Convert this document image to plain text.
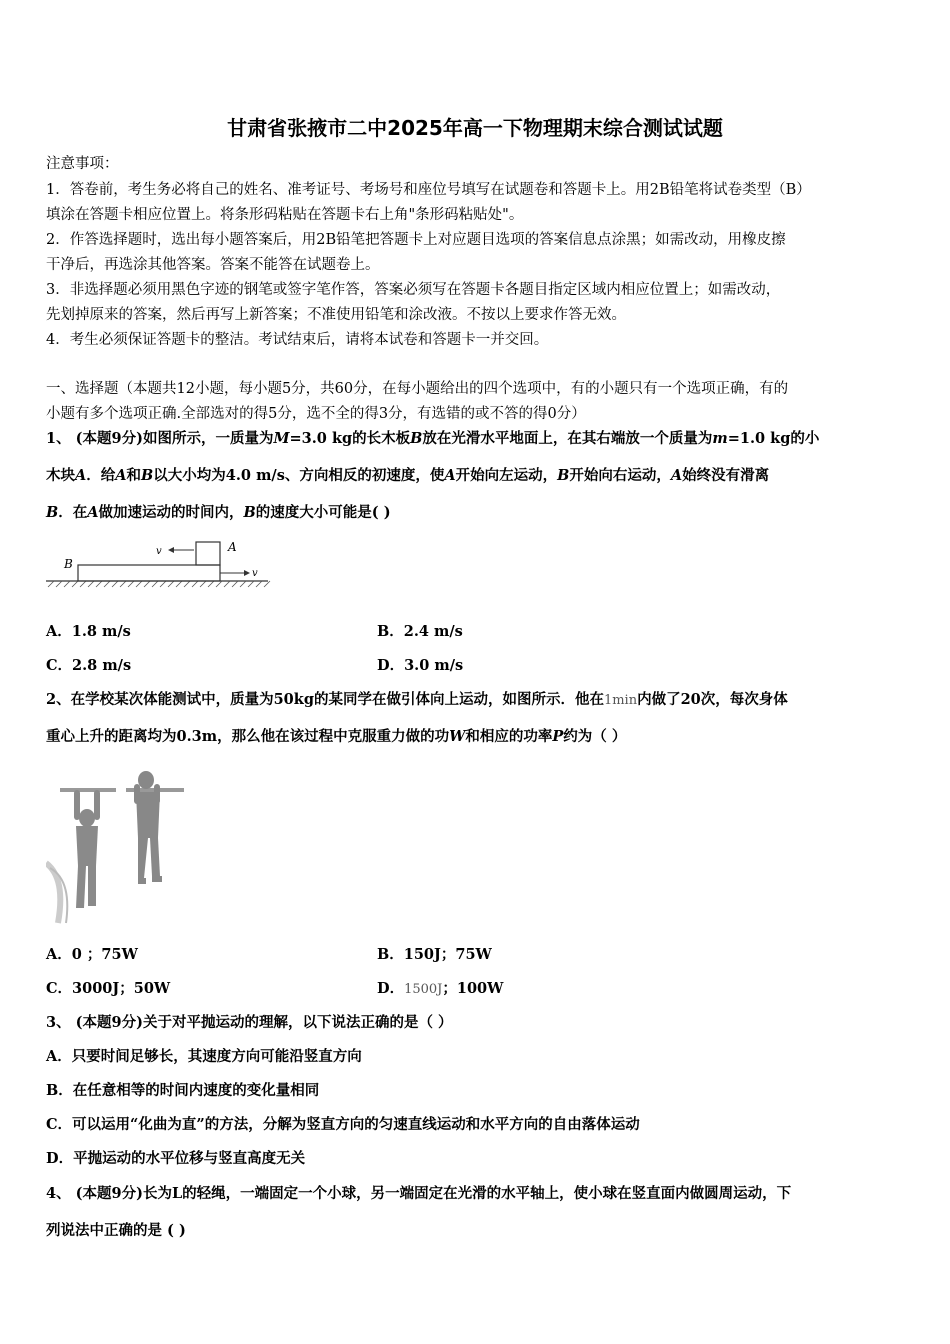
甘肃省张掖市二中2025年高一下物理期末综合测试试题
注意事项：
1．答卷前，考生务必将自己的姓名、准考证号、考场号和座位号填写在试题卷和答题卡上。用2B铅笔将试卷类型（B）
填涂在答题卡相应位置上。将条形码粘贴在答题卡右上角"条形码粘贴处"。
2．作答选择题时，选出每小题答案后，用2B铅笔把答题卡上对应题目选项的答案信息点涂黑；如需改动，用橡皮擦
干净后，再选涂其他答案。答案不能答在试题卷上。
3．非选择题必须用黑色字迹的钢笔或签字笔作答，答案必须写在答题卡各题目指定区域内相应位置上；如需改动，
先划掉原来的答案，然后再写上新答案；不准使用铅笔和涂改液。不按以上要求作答无效。
4．考生必须保证答题卡的整洁。考试结束后，请将本试卷和答题卡一并交回。
一、选择题（本题共12小题，每小题5分，共60分，在每小题给出的四个选项中，有的小题只有一个选项正确，有的
小题有多个选项正确.全部选对的得5分，选不全的得3分，有选错的或不答的得0分）
1、 (本题9分)如图所示，一质量为M=3.0 kg的长木板B放在光滑水平地面上，在其右端放一个质量为m=1.0 kg的小
木块A．给A和B以大小均为4.0 m/s、方向相反的初速度，使A开始向左运动，B开始向右运动，A始终没有滑离
B．在A做加速运动的时间内，B的速度大小可能是( )
B
A
v
v
A．1.8 m/s	B．2.4 m/s
C．2.8 m/s	D．3.0 m/s
2、在学校某次体能测试中，质量为50kg的某同学在做引体向上运动，如图所示．他在1min内做了20次，每次身体
重心上升的距离均为0.3m，那么他在该过程中克服重力做的功W和相应的功率P约为（ ）
A．0 ；75W	B．150J；75W
C．3000J；50W	D．1500J；100W
3、 (本题9分)关于对平抛运动的理解，以下说法正确的是（ ）
A．只要时间足够长，其速度方向可能沿竖直方向
B．在任意相等的时间内速度的变化量相同
C．可以运用“化曲为直”的方法，分解为竖直方向的匀速直线运动和水平方向的自由落体运动
D．平抛运动的水平位移与竖直高度无关
4、 (本题9分)长为L的轻绳，一端固定一个小球，另一端固定在光滑的水平轴上，使小球在竖直面内做圆周运动，下
列说法中正确的是 ( )
